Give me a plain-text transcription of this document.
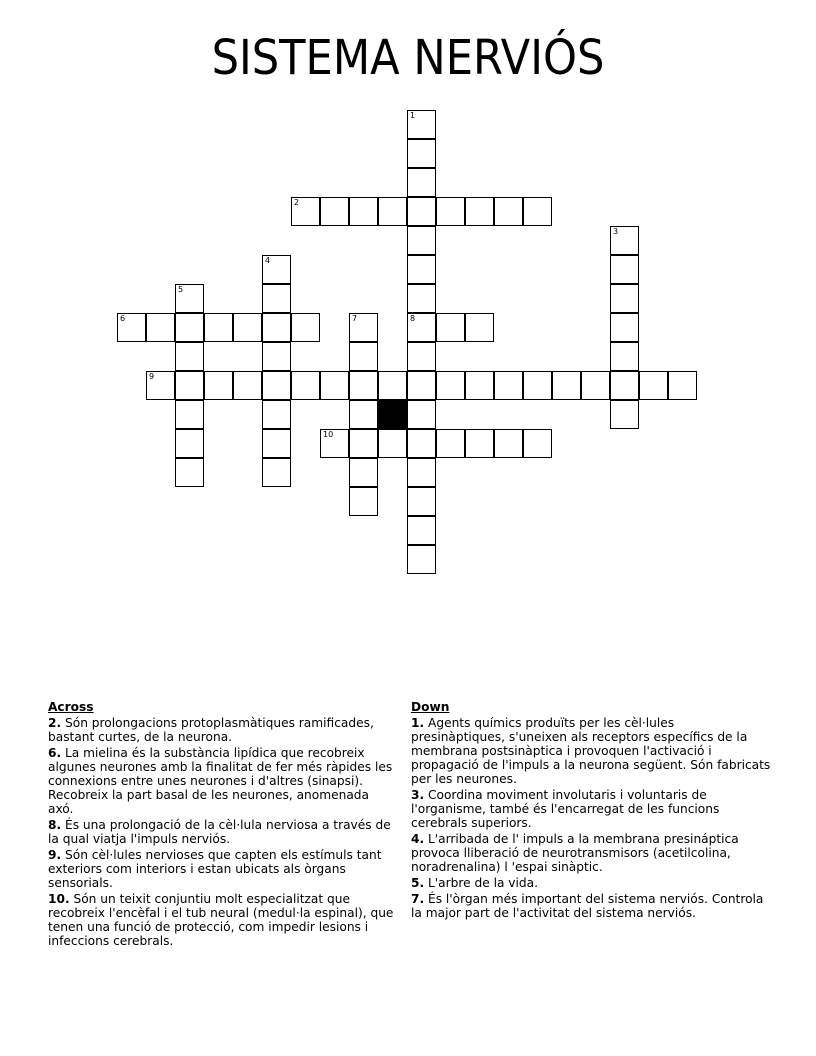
SISTEMA NERVIÓS
1
8
2
3
4
5
6	7
9
10
Across
2. Són prolongacions protoplasmàtiques ramificades, bastant curtes, de la neurona.
6. La mielina és la substància lipídica que recobreix algunes neurones amb la finalitat de fer més ràpides les connexions entre unes neurones i d'altres (sinapsi). Recobreix la part basal de les neurones, anomenada axó.
8. És una prolongació de la cèl·lula nerviosa a través de la qual viatja l'impuls nerviós.
9. Són cèl·lules nervioses que capten els estímuls tant exteriors com interiors i estan ubicats als òrgans sensorials.
10. Són un teixit conjuntiu molt especialitzat que recobreix l'encèfal i el tub neural (medul·la espinal), que tenen una funció de protecció, com impedir lesions i infeccions cerebrals.
Down
1. Agents químics produïts per les cèl·lules presinàptiques, s'uneixen als receptors específics de la membrana postsinàptica i provoquen l'activació i propagació de l'impuls a la neurona següent. Són fabricats per les neurones.
3. Coordina moviment involutaris i voluntaris de l'organisme, també és l'encarregat de les funcions cerebrals superiors.
4. L'arribada de l' impuls a la membrana presináptica provoca lliberació de neurotransmisors (acetilcolina, noradrenalina) l 'espai sinàptic.
5. L'arbre de la vida.
7. És l'òrgan més important del sistema nerviós. Controla la major part de l'activitat del sistema nerviós.
